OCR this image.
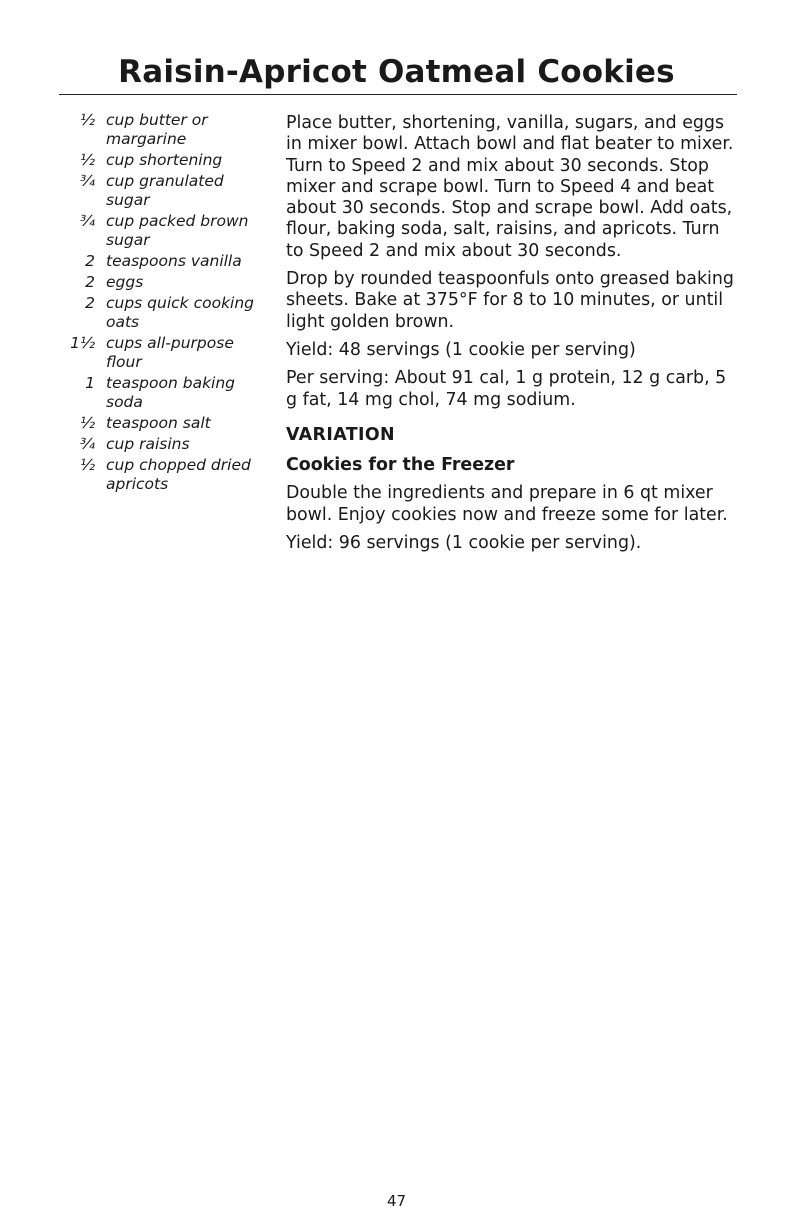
Raisin-Apricot Oatmeal Cookies
½ cup butter or margarine
½ cup shortening
¾ cup granulated sugar
¾ cup packed brown sugar
2 teaspoons vanilla
2 eggs
2 cups quick cooking oats
1½ cups all-purpose flour
1 teaspoon baking soda
½ teaspoon salt
¾ cup raisins
½ cup chopped dried apricots

Place butter, shortening, vanilla, sugars, and eggs in mixer bowl. Attach bowl and flat beater to mixer. Turn to Speed 2 and mix about 30 seconds. Stop mixer and scrape bowl. Turn to Speed 4 and beat about 30 seconds. Stop and scrape bowl. Add oats, flour, baking soda, salt, raisins, and apricots. Turn to Speed 2 and mix about 30 seconds.

Drop by rounded teaspoonfuls onto greased baking sheets. Bake at 375°F for 8 to 10 minutes, or until light golden brown.

Yield: 48 servings (1 cookie per serving)

Per serving: About 91 cal, 1 g protein, 12 g carb, 5 g fat, 14 mg chol, 74 mg sodium.

VARIATION
Cookies for the Freezer

Double the ingredients and prepare in 6 qt mixer bowl. Enjoy cookies now and freeze some for later.

Yield: 96 servings (1 cookie per serving).

47
